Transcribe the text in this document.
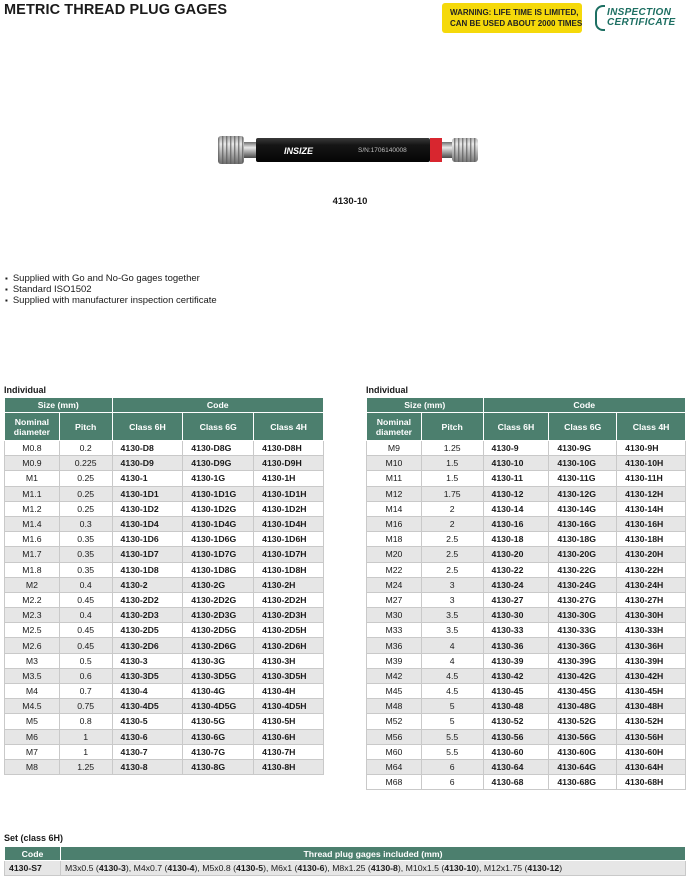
METRIC THREAD PLUG GAGES	WARNING: LIFE TIME IS LIMITED,
CAN BE USED ABOUT 2000 TIMES
INSPECTION
CERTIFICATE
INSIZE	S/N:1706140008
4130-10
▪ Supplied with Go and No-Go gages together
▪ Standard ISO1502
▪ Supplied with manufacturer inspection certificate
Individual	Individual
Size (mm)		Code		

Nominal
diameter	Pitch	Class 6H	Class 6G	Class 4H
M0.8	0.2	4130-D8	4130-D8G	4130-D8H
M0.9	0.225	4130-D9	4130-D9G	4130-D9H
M1	0.25	4130-1	4130-1G	4130-1H
M1.1	0.25	4130-1D1	4130-1D1G	4130-1D1H
M1.2	0.25	4130-1D2	4130-1D2G	4130-1D2H
M1.4	0.3	4130-1D4	4130-1D4G	4130-1D4H
M1.6	0.35	4130-1D6	4130-1D6G	4130-1D6H
M1.7	0.35	4130-1D7	4130-1D7G	4130-1D7H
M1.8	0.35	4130-1D8	4130-1D8G	4130-1D8H
M2	0.4	4130-2	4130-2G	4130-2H
M2.2	0.45	4130-2D2	4130-2D2G	4130-2D2H
M2.3	0.4	4130-2D3	4130-2D3G	4130-2D3H
M2.5	0.45	4130-2D5	4130-2D5G	4130-2D5H
M2.6	0.45	4130-2D6	4130-2D6G	4130-2D6H
M3	0.5	4130-3	4130-3G	4130-3H
M3.5	0.6	4130-3D5	4130-3D5G	4130-3D5H
M4	0.7	4130-4	4130-4G	4130-4H
M4.5	0.75	4130-4D5	4130-4D5G	4130-4D5H
M5	0.8	4130-5	4130-5G	4130-5H
M6	1	4130-6	4130-6G	4130-6H
M7	1	4130-7	4130-7G	4130-7H
M8	1.25	4130-8	4130-8G	4130-8H
Size (mm)		Code		

Nominal
diameter	Pitch	Class 6H	Class 6G	Class 4H
M9	1.25	4130-9	4130-9G	4130-9H
M10	1.5	4130-10	4130-10G	4130-10H
M11	1.5	4130-11	4130-11G	4130-11H
M12	1.75	4130-12	4130-12G	4130-12H
M14	2	4130-14	4130-14G	4130-14H
M16	2	4130-16	4130-16G	4130-16H
M18	2.5	4130-18	4130-18G	4130-18H
M20	2.5	4130-20	4130-20G	4130-20H
M22	2.5	4130-22	4130-22G	4130-22H
M24	3	4130-24	4130-24G	4130-24H
M27	3	4130-27	4130-27G	4130-27H
M30	3.5	4130-30	4130-30G	4130-30H
M33	3.5	4130-33	4130-33G	4130-33H
M36	4	4130-36	4130-36G	4130-36H
M39	4	4130-39	4130-39G	4130-39H
M42	4.5	4130-42	4130-42G	4130-42H
M45	4.5	4130-45	4130-45G	4130-45H
M48	5	4130-48	4130-48G	4130-48H
M52	5	4130-52	4130-52G	4130-52H
M56	5.5	4130-56	4130-56G	4130-56H
M60	5.5	4130-60	4130-60G	4130-60H
M64	6	4130-64	4130-64G	4130-64H
M68	6	4130-68	4130-68G	4130-68H
Set (class 6H)
Code	Thread plug gages included (mm)
4130-S7	M3x0.5 (4130-3), M4x0.7 (4130-4), M5x0.8 (4130-5), M6x1 (4130-6), M8x1.25 (4130-8), M10x1.5 (4130-10), M12x1.75 (4130-12)
